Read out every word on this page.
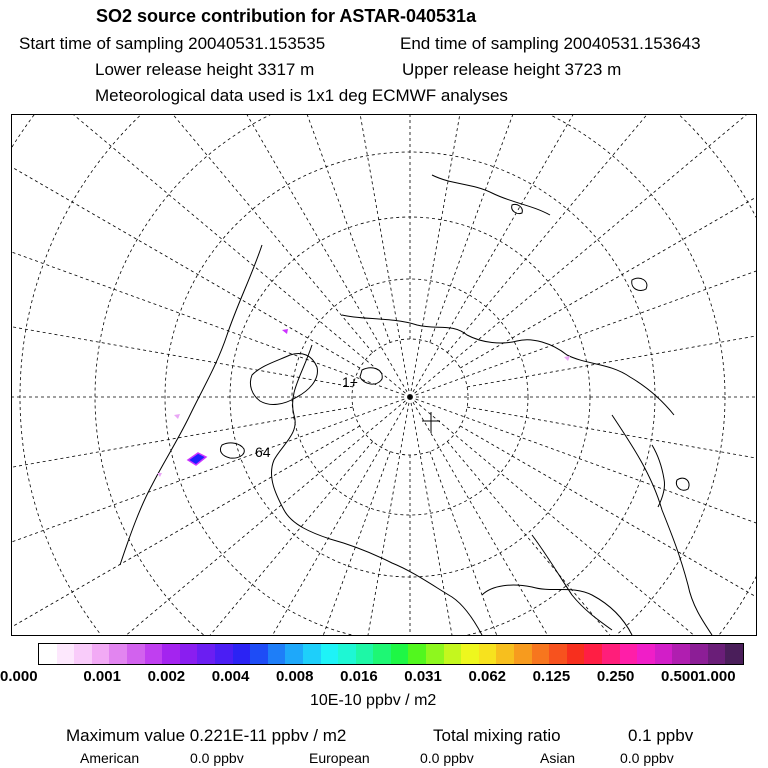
SO2 source contribution for ASTAR-040531a
Start time of sampling 20040531.153535	End time of sampling 20040531.153643
Lower release height 3317 m	Upper release height 3723 m
Meteorological data used is 1x1 deg ECMWF analyses
64
1+
0.000	0.001 0.002 0.004 0.008 0.016 0.031 0.062 0.125 0.250 0.500 1.000
10E-10 ppbv / m2
Maximum value 0.221E-11 ppbv / m2	Total mixing ratio	0.1 ppbv
American	0.0 ppbv	European	0.0 ppbv	Asian	0.0 ppbv
